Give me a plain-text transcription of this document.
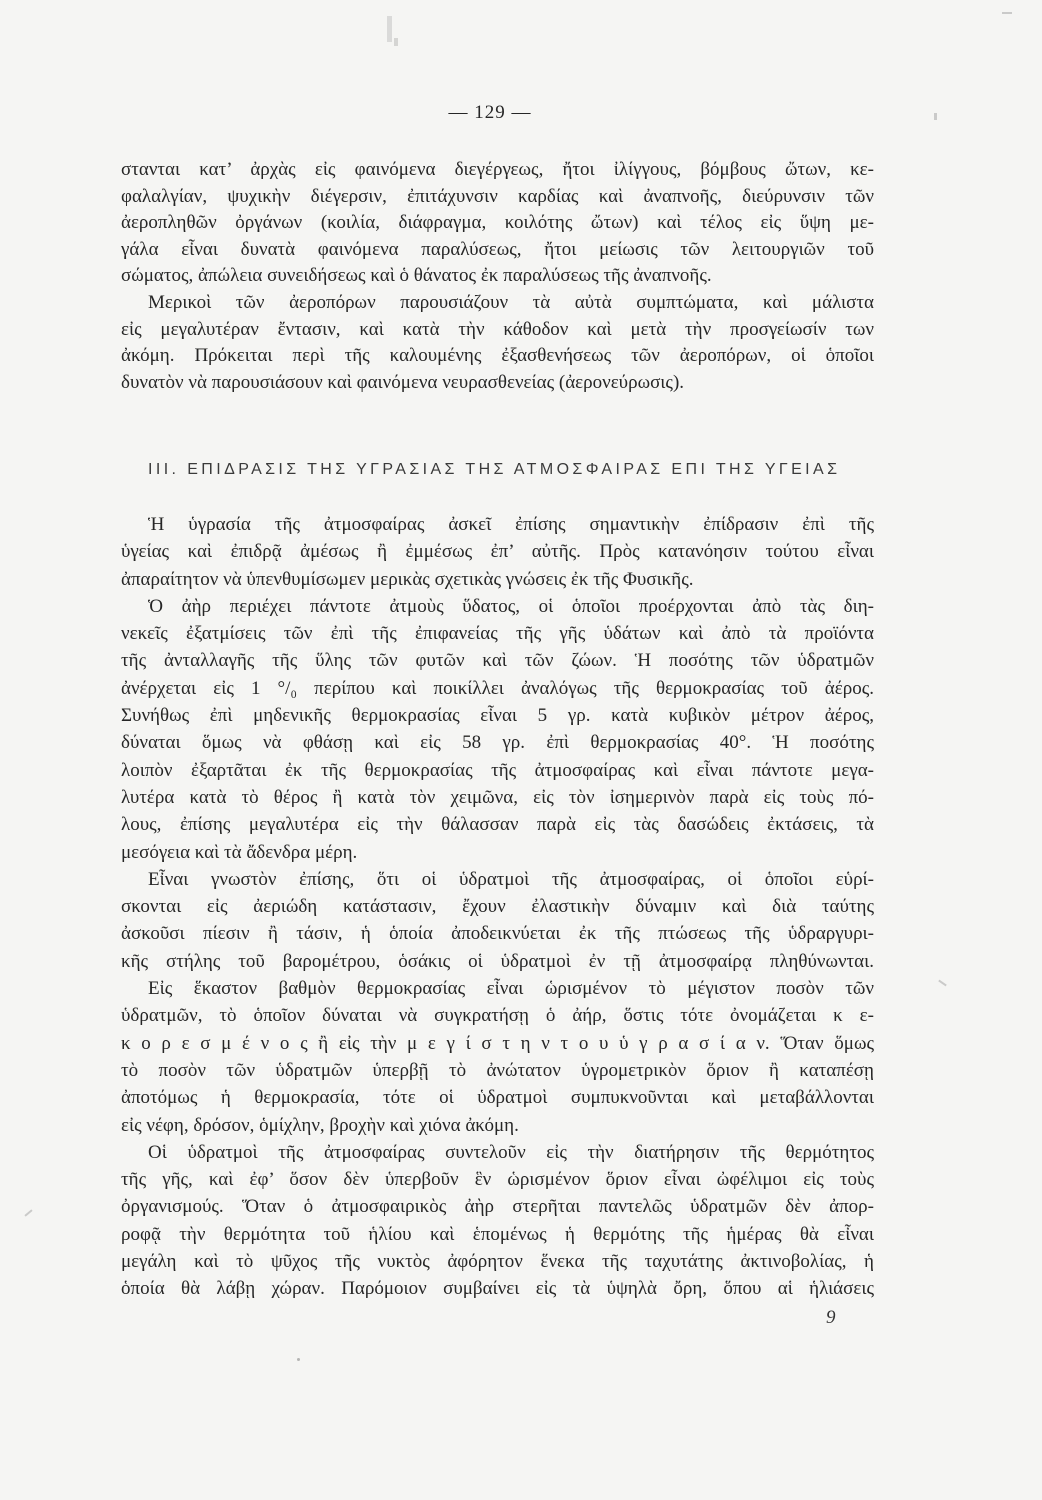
— 129 —
στανται κατ’ ἀρχὰς εἰς φαινόμενα διεγέργεως, ἤτοι ἰλίγγους, βόμβους ὤτων, κε-
φαλαλγίαν, ψυχικὴν διέγερσιν, ἐπιτάχυνσιν καρδίας καὶ ἀναπνοῆς, διεύρυνσιν τῶν
ἀεροπληθῶν ὀργάνων (κοιλία, διάφραγμα, κοιλότης ὤτων) καὶ τέλος εἰς ὕψη με-
γάλα εἶναι δυνατὰ φαινόμενα παραλύσεως, ἤτοι μείωσις τῶν λειτουργιῶν τοῦ
σώματος, ἀπώλεια συνειδήσεως καὶ ὁ θάνατος ἐκ παραλύσεως τῆς ἀναπνοῆς.
Μερικοὶ τῶν ἀεροπόρων παρουσιάζουν τὰ αὐτὰ συμπτώματα, καὶ μάλιστα
εἰς μεγαλυτέραν ἔντασιν, καὶ κατὰ τὴν κάθοδον καὶ μετὰ τὴν προσγείωσίν των
ἀκόμη. Πρόκειται περὶ τῆς καλουμένης ἐξασθενήσεως τῶν ἀεροπόρων, οἱ ὁποῖοι
δυνατὸν νὰ παρουσιάσουν καὶ φαινόμενα νευρασθενείας (ἀερονεύρωσις).
III. ΕΠΙΔΡΑΣΙΣ ΤΗΣ ΥΓΡΑΣΙΑΣ ΤΗΣ ΑΤΜΟΣΦΑΙΡΑΣ ΕΠΙ ΤΗΣ ΥΓΕΙΑΣ
Ἡ ὑγρασία τῆς ἀτμοσφαίρας ἀσκεῖ ἐπίσης σημαντικὴν ἐπίδρασιν ἐπὶ τῆς
ὑγείας καὶ ἐπιδρᾷ ἀμέσως ἢ ἐμμέσως ἐπ’ αὐτῆς. Πρὸς κατανόησιν τούτου εἶναι
ἀπαραίτητον νὰ ὑπενθυμίσωμεν μερικὰς σχετικὰς γνώσεις ἐκ τῆς Φυσικῆς.
Ὁ ἀὴρ περιέχει πάντοτε ἀτμοὺς ὕδατος, οἱ ὁποῖοι προέρχονται ἀπὸ τὰς διη-
νεκεῖς ἐξατμίσεις τῶν ἐπὶ τῆς ἐπιφανείας τῆς γῆς ὑδάτων καὶ ἀπὸ τὰ προϊόντα
τῆς ἀνταλλαγῆς τῆς ὕλης τῶν φυτῶν καὶ τῶν ζώων. Ἡ ποσότης τῶν ὑδρατμῶν
ἀνέρχεται εἰς 1 °/₀ περίπου καὶ ποικίλλει ἀναλόγως τῆς θερμοκρασίας τοῦ ἀέρος.
Συνήθως ἐπὶ μηδενικῆς θερμοκρασίας εἶναι 5 γρ. κατὰ κυβικὸν μέτρον ἀέρος,
δύναται ὅμως νὰ φθάσῃ καὶ εἰς 58 γρ. ἐπὶ θερμοκρασίας 40°. Ἡ ποσότης
λοιπὸν ἐξαρτᾶται ἐκ τῆς θερμοκρασίας τῆς ἀτμοσφαίρας καὶ εἶναι πάντοτε μεγα-
λυτέρα κατὰ τὸ θέρος ἢ κατὰ τὸν χειμῶνα, εἰς τὸν ἰσημερινὸν παρὰ εἰς τοὺς πό-
λους, ἐπίσης μεγαλυτέρα εἰς τὴν θάλασσαν παρὰ εἰς τὰς δασώδεις ἐκτάσεις, τὰ
μεσόγεια καὶ τὰ ἄδενδρα μέρη.
Εἶναι γνωστὸν ἐπίσης, ὅτι οἱ ὑδρατμοὶ τῆς ἀτμοσφαίρας, οἱ ὁποῖοι εὑρί-
σκονται εἰς ἀεριώδη κατάστασιν, ἔχουν ἐλαστικὴν δύναμιν καὶ διὰ ταύτης
ἀσκοῦσι πίεσιν ἢ τάσιν, ἡ ὁποία ἀποδεικνύεται ἐκ τῆς πτώσεως τῆς ὑδραργυρι-
κῆς στήλης τοῦ βαρομέτρου, ὁσάκις οἱ ὑδρατμοὶ ἐν τῇ ἀτμοσφαίρᾳ πληθύνωνται.
Εἰς ἕκαστον βαθμὸν θερμοκρασίας εἶναι ὡρισμένον τὸ μέγιστον ποσὸν τῶν
ὑδρατμῶν, τὸ ὁποῖον δύναται νὰ συγκρατήσῃ ὁ ἀήρ, ὅστις τότε ὀνομάζεται κ ε-
κ ο ρ ε σ μ έ ν ο ς ἢ εἰς τὴν μ ε γ ί σ τ η ν τ ο υ ὑ γ ρ α σ ί α ν. Ὅταν ὅμως
τὸ ποσὸν τῶν ὑδρατμῶν ὑπερβῇ τὸ ἀνώτατον ὑγρομετρικὸν ὅριον ἢ καταπέσῃ
ἀποτόμως ἡ θερμοκρασία, τότε οἱ ὑδρατμοὶ συμπυκνοῦνται καὶ μεταβάλλονται
εἰς νέφη, δρόσον, ὁμίχλην, βροχὴν καὶ χιόνα ἀκόμη.
Οἱ ὑδρατμοὶ τῆς ἀτμοσφαίρας συντελοῦν εἰς τὴν διατήρησιν τῆς θερμότητος
τῆς γῆς, καὶ ἐφ’ ὅσον δὲν ὑπερβοῦν ἓν ὡρισμένον ὅριον εἶναι ὠφέλιμοι εἰς τοὺς
ὀργανισμούς. Ὅταν ὁ ἀτμοσφαιρικὸς ἀὴρ στερῆται παντελῶς ὑδρατμῶν δὲν ἀπορ-
ροφᾷ τὴν θερμότητα τοῦ ἡλίου καὶ ἑπομένως ἡ θερμότης τῆς ἡμέρας θὰ εἶναι
μεγάλη καὶ τὸ ψῦχος τῆς νυκτὸς ἀφόρητον ἕνεκα τῆς ταχυτάτης ἀκτινοβολίας, ἡ
ὁποία θὰ λάβῃ χώραν. Παρόμοιον συμβαίνει εἰς τὰ ὑψηλὰ ὄρη, ὅπου αἱ ἡλιάσεις
9
